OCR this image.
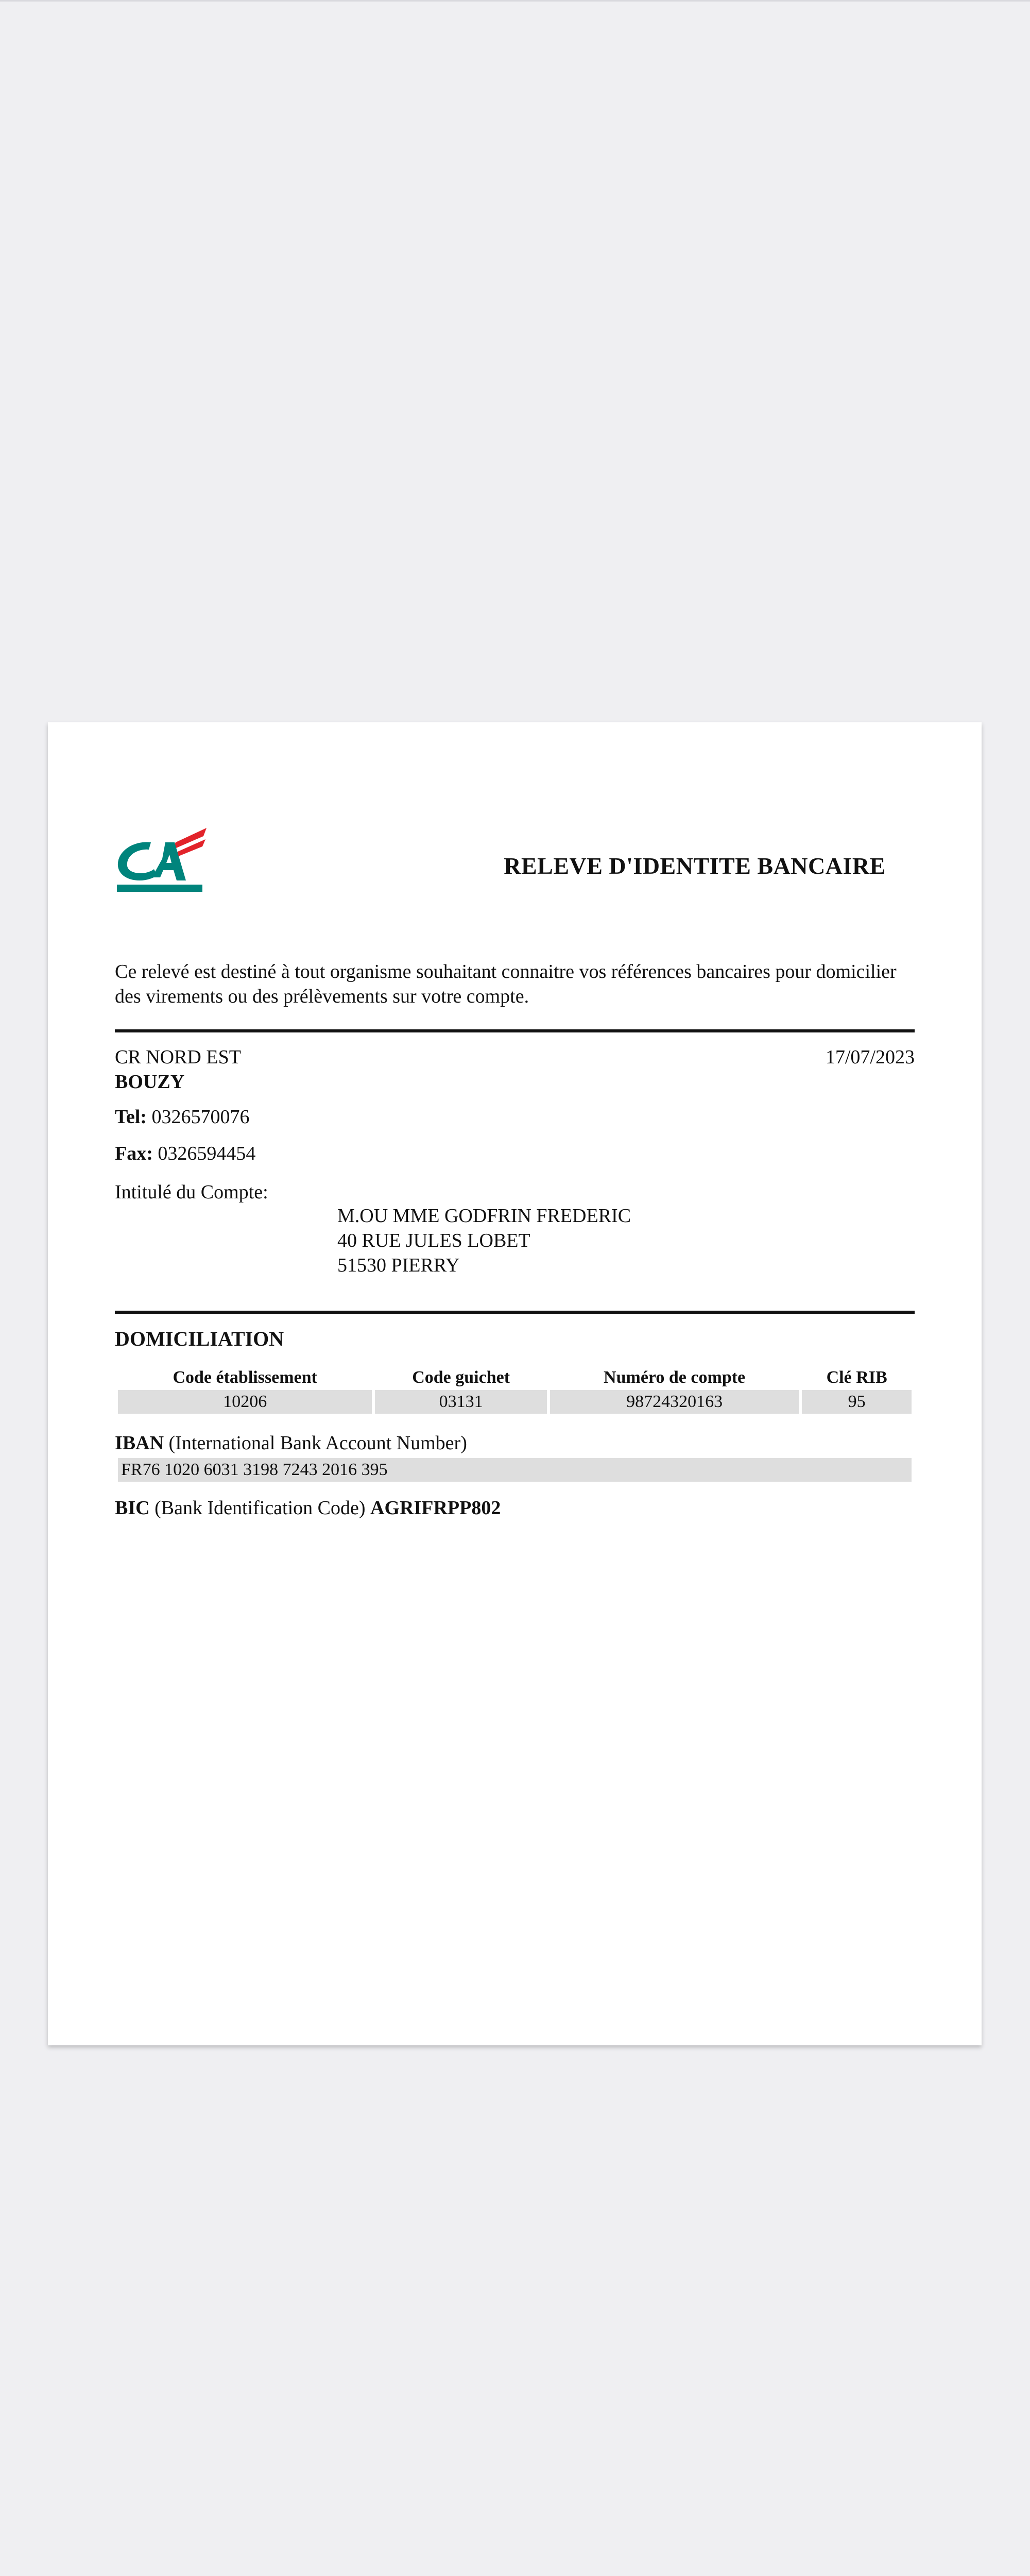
RELEVE D'IDENTITE BANCAIRE
Ce relevé est destiné à tout organisme souhaitant connaitre vos références bancaires pour domicilier des virements ou des prélèvements sur votre compte.
CR NORD EST	17/07/2023
BOUZY
Tel: 0326570076
Fax: 0326594454
Intitulé du Compte:
M.OU MME GODFRIN FREDERIC
40 RUE JULES LOBET
51530 PIERRY
DOMICILIATION
Code établissement	Code guichet	Numéro de compte	Clé RIB
10206	03131	98724320163	95
IBAN (International Bank Account Number)
FR76 1020 6031 3198 7243 2016 395
BIC (Bank Identification Code) AGRIFRPP802
